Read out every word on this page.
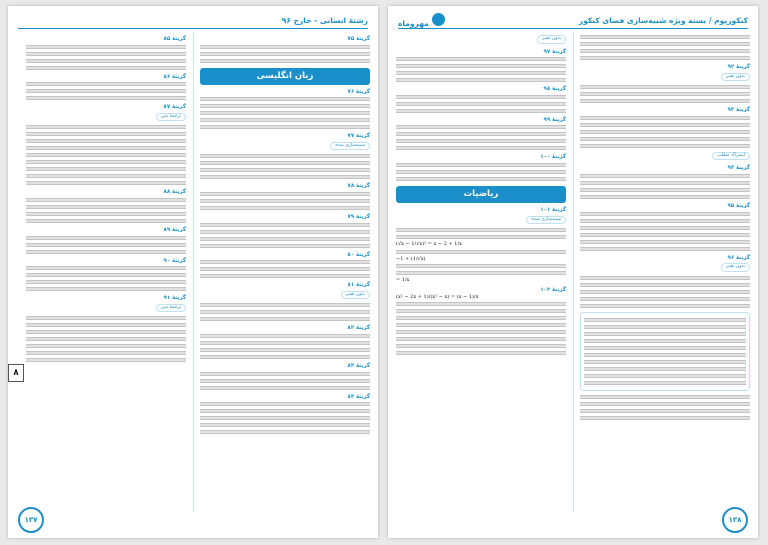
کنکوریوم / بسته ویژه شبیه‌سازی فضای کنکور
مهروماه
گزینهٔ ۹۲
بدون تغییر
گزینهٔ ۹۳
اشتراک مطلب
گزینهٔ ۹۴
گزینهٔ ۹۵
گزینهٔ ۹۶
بدون تغییر
بدون تغییر
گزینهٔ ۹۷
گزینهٔ ۹۸
گزینهٔ ۹۹
گزینهٔ ۱۰۰
ریاضیات
گزینهٔ ۱۰۱
شبیه‌سازی شده
(√x − 1/√x)² = x − 2 + 1/x
−1 + (1/√x)
= 1/x
گزینهٔ ۱۰۲
(x² − 2x + 1)/(x² − x) = (x − 1)/x
۱۳۸
رشتهٔ انسانی - خارج ۹۶
گزینهٔ ۷۵
زبان انگلیسی
گزینهٔ ۷۶
گزینهٔ ۷۷
شبیه‌سازی شده
گزینهٔ ۷۸
گزینهٔ ۷۹
گزینهٔ ۸۰
گزینهٔ ۸۱
بدون تغییر
گزینهٔ ۸۲
گزینهٔ ۸۳
گزینهٔ ۸۴
گزینهٔ ۸۵
گزینهٔ ۸۶
گزینهٔ ۸۷
ترجمهٔ متن
گزینهٔ ۸۸
گزینهٔ ۸۹
گزینهٔ ۹۰
گزینهٔ ۹۱
ترجمهٔ متن
۸
۱۳۷
